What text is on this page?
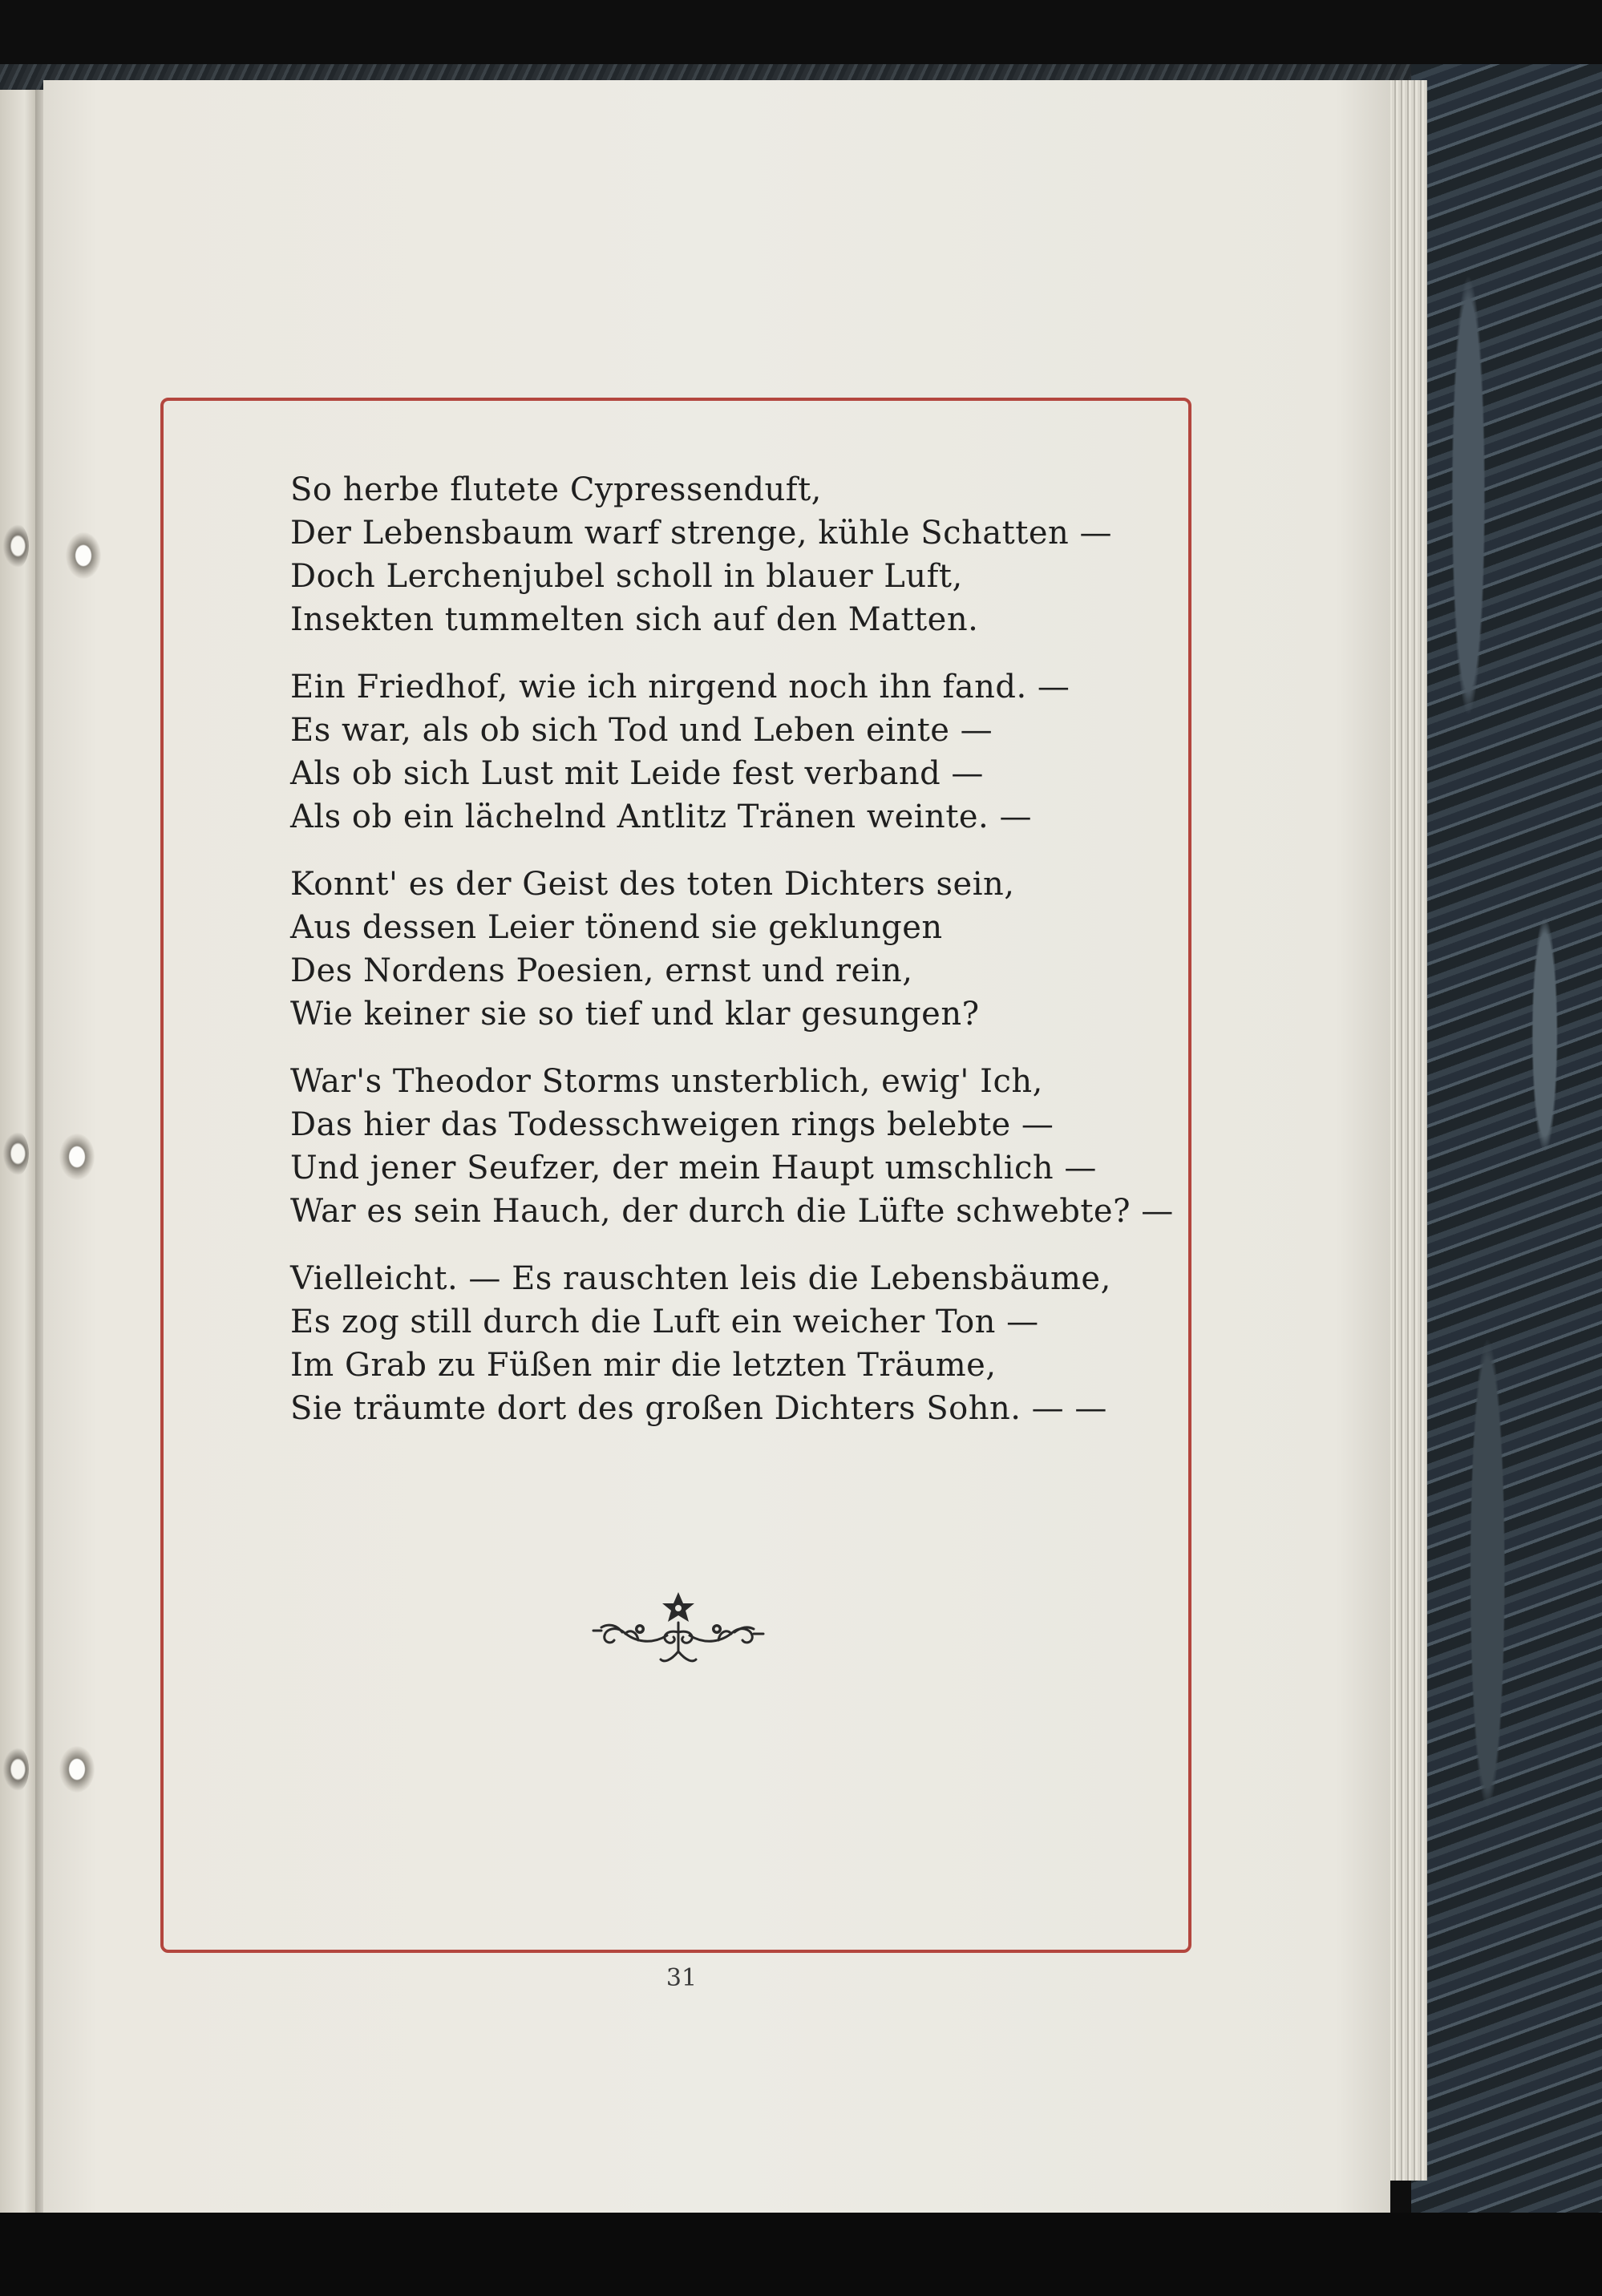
So herbe flutete Cypressenduft,
Der Lebensbaum warf strenge, kühle Schatten —
Doch Lerchenjubel scholl in blauer Luft,
Insekten tummelten sich auf den Matten.
Ein Friedhof, wie ich nirgend noch ihn fand. —
Es war, als ob sich Tod und Leben einte —
Als ob sich Lust mit Leide fest verband —
Als ob ein lächelnd Antlitz Tränen weinte. —
Konnt' es der Geist des toten Dichters sein,
Aus dessen Leier tönend sie geklungen
Des Nordens Poesien, ernst und rein,
Wie keiner sie so tief und klar gesungen?
War's Theodor Storms unsterblich, ewig' Ich,
Das hier das Todesschweigen rings belebte —
Und jener Seufzer, der mein Haupt umschlich —
War es sein Hauch, der durch die Lüfte schwebte? —
Vielleicht. — Es rauschten leis die Lebensbäume,
Es zog still durch die Luft ein weicher Ton —
Im Grab zu Füßen mir die letzten Träume,
Sie träumte dort des großen Dichters Sohn. — —
31
